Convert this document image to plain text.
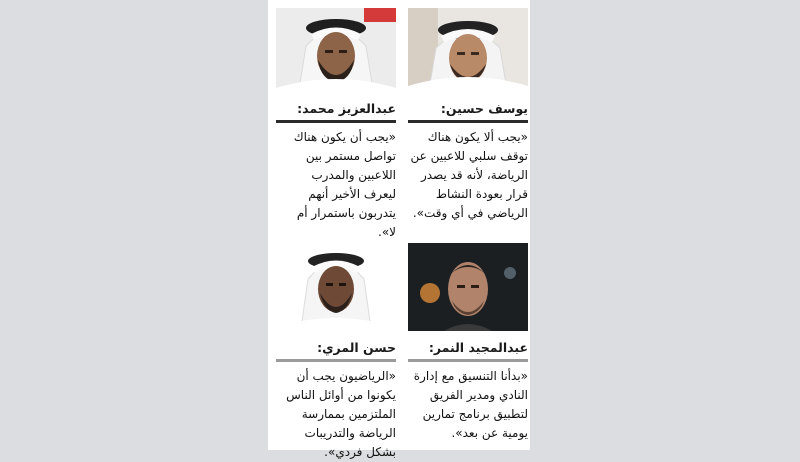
يوسف حسين:
«يجب ألا يكون هناك توقف سلبي للاعبين عن الرياضة، لأنه قد يصدر قرار بعودة النشاط الرياضي في أي وقت».
عبدالعزيز محمد:
«يجب أن يكون هناك تواصل مستمر بين اللاعبين والمدرب ليعرف الأخير أنهم يتدربون باستمرار أم لا».
عبدالمجيد النمر:
«بدأنا التنسيق مع إدارة النادي ومدير الفريق لتطبيق برنامج تمارين يومية عن بعد».
حسن المري:
«الرياضيون يجب أن يكونوا من أوائل الناس الملتزمين بممارسة الرياضة والتدريبات بشكل فردي».
